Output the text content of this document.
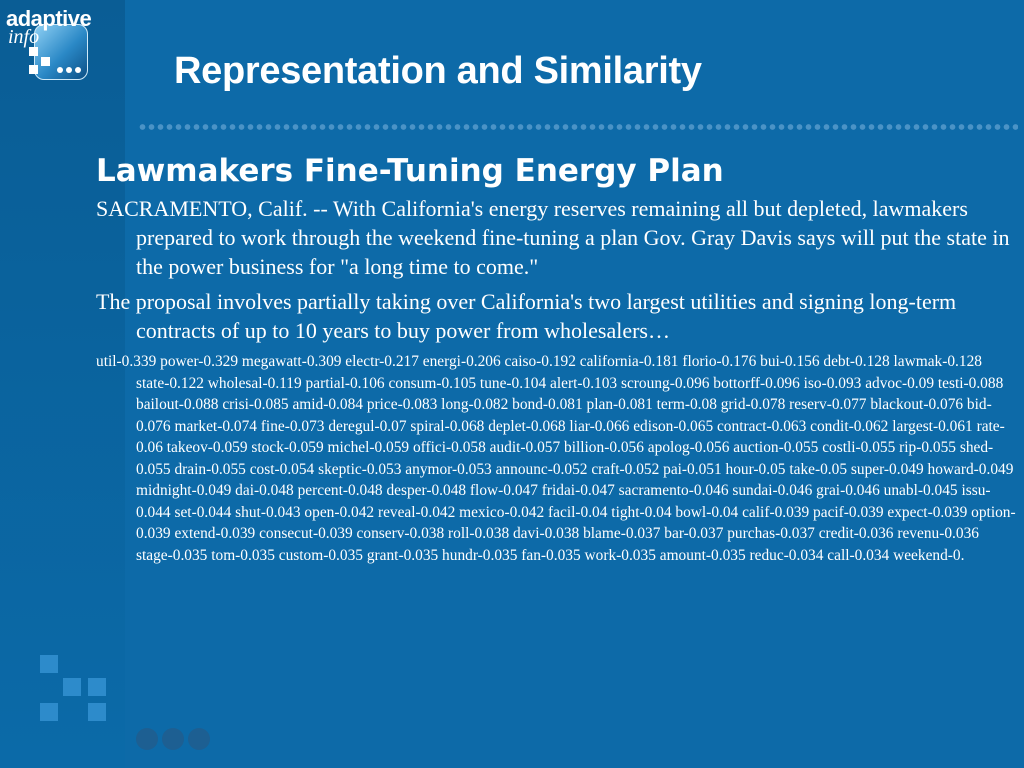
adaptive
info
Representation and Similarity
Lawmakers Fine-Tuning Energy Plan

SACRAMENTO, Calif. -- With California's energy reserves remaining all but depleted, lawmakers prepared to work through the weekend fine-tuning a plan Gov. Gray Davis says will put the state in the power business for "a long time to come."

The proposal involves partially taking over California's two largest utilities and signing long-term contracts of up to 10 years to buy power from wholesalers…

util-0.339 power-0.329 megawatt-0.309 electr-0.217 energi-0.206 caiso-0.192 california-0.181 florio-0.176 bui-0.156 debt-0.128 lawmak-0.128 state-0.122 wholesal-0.119 partial-0.106 consum-0.105 tune-0.104 alert-0.103 scroung-0.096 bottorff-0.096 iso-0.093 advoc-0.09 testi-0.088 bailout-0.088 crisi-0.085 amid-0.084 price-0.083 long-0.082 bond-0.081 plan-0.081 term-0.08 grid-0.078 reserv-0.077 blackout-0.076 bid-0.076 market-0.074 fine-0.073 deregul-0.07 spiral-0.068 deplet-0.068 liar-0.066 edison-0.065 contract-0.063 condit-0.062 largest-0.061 rate-0.06 takeov-0.059 stock-0.059 michel-0.059 offici-0.058 audit-0.057 billion-0.056 apolog-0.056 auction-0.055 costli-0.055 rip-0.055 shed-0.055 drain-0.055 cost-0.054 skeptic-0.053 anymor-0.053 announc-0.052 craft-0.052 pai-0.051 hour-0.05 take-0.05 super-0.049 howard-0.049 midnight-0.049 dai-0.048 percent-0.048 desper-0.048 flow-0.047 fridai-0.047 sacramento-0.046 sundai-0.046 grai-0.046 unabl-0.045 issu-0.044 set-0.044 shut-0.043 open-0.042 reveal-0.042 mexico-0.042 facil-0.04 tight-0.04 bowl-0.04 calif-0.039 pacif-0.039 expect-0.039 option-0.039 extend-0.039 consecut-0.039 conserv-0.038 roll-0.038 davi-0.038 blame-0.037 bar-0.037 purchas-0.037 credit-0.036 revenu-0.036 stage-0.035 tom-0.035 custom-0.035 grant-0.035 hundr-0.035 fan-0.035 work-0.035 amount-0.035 reduc-0.034 call-0.034 weekend-0.
